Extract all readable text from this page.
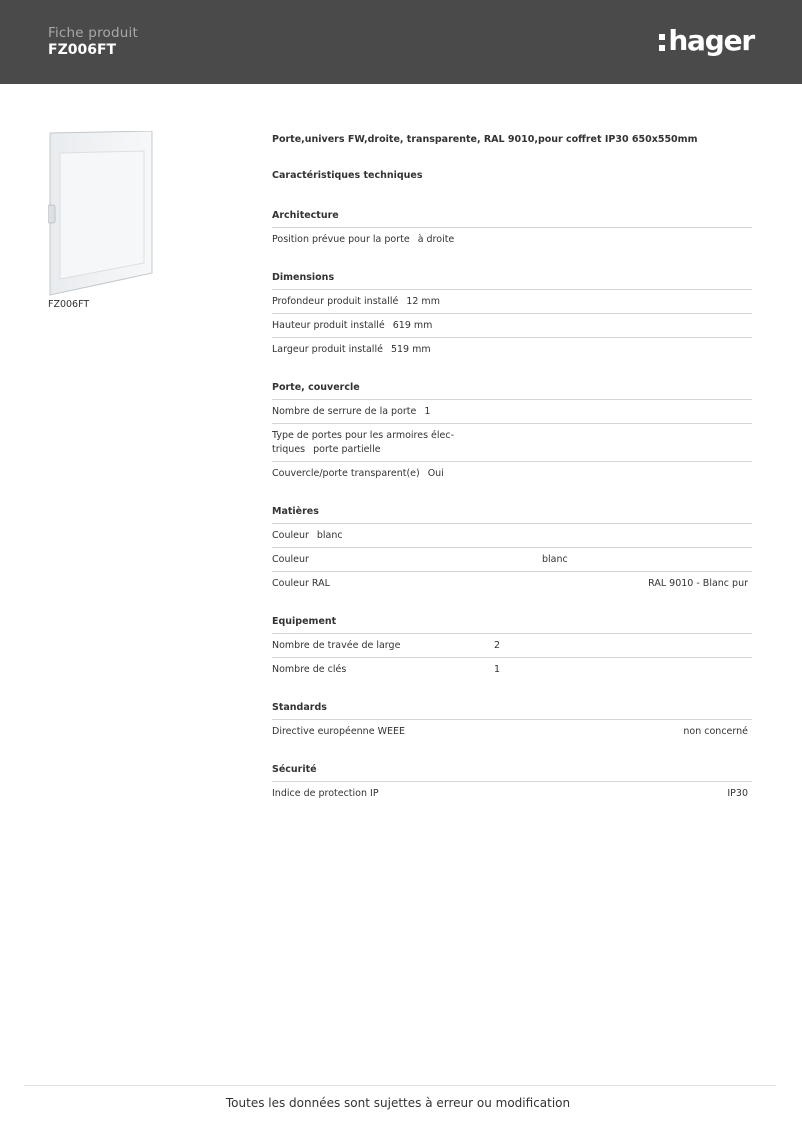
Fiche produit
FZ006FT	hager
FZ006FT
Porte,univers FW,droite, transparente, RAL 9010,pour coffret IP30 650x550mm
Caractéristiques techniques
Architecture
Position prévue pour la porte à droite
Dimensions
Profondeur produit installé 12 mm
Hauteur produit installé 619 mm
Largeur produit installé 519 mm
Porte, couvercle
Nombre de serrure de la porte 1
Type de portes pour les armoires élec-
triques porte partielle
Couvercle/porte transparent(e) Oui
Matières
Couleur blanc
Couleur	blanc
Couleur RAL	RAL 9010 - Blanc pur
Equipement
Nombre de travée de large	2
Nombre de clés	1
Standards
Directive européenne WEEE	non concerné
Sécurité
Indice de protection IP	IP30
Toutes les données sont sujettes à erreur ou modification
